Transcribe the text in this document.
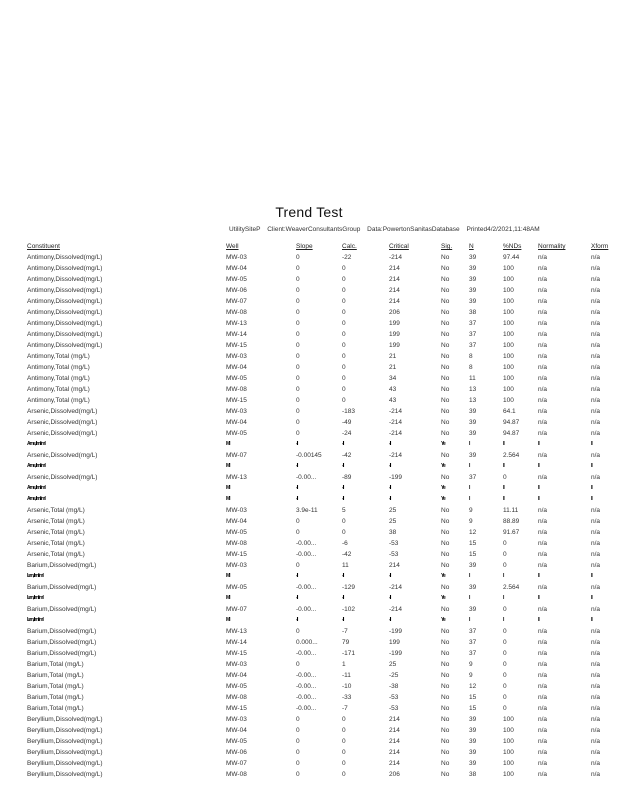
Trend Test
UtilitySiteP Client:WeaverConsultantsGroup Data:PowertonSanitasDatabase Printed4/2/2021,11:48AM
Constituent	Well	Slope	Calc.	Critical	Sig.	N	%NDs	Normality	Xform
Antimony,Dissolved(mg/L)	MW-03	0	-22	-214	No	39	97.44	n/a	n/a
Antimony,Dissolved(mg/L)	MW-04	0	0	214	No	39	100	n/a	n/a
Antimony,Dissolved(mg/L)	MW-05	0	0	214	No	39	100	n/a	n/a
Antimony,Dissolved(mg/L)	MW-06	0	0	214	No	39	100	n/a	n/a
Antimony,Dissolved(mg/L)	MW-07	0	0	214	No	39	100	n/a	n/a
Antimony,Dissolved(mg/L)	MW-08	0	0	206	No	38	100	n/a	n/a
Antimony,Dissolved(mg/L)	MW-13	0	0	199	No	37	100	n/a	n/a
Antimony,Dissolved(mg/L)	MW-14	0	0	199	No	37	100	n/a	n/a
Antimony,Dissolved(mg/L)	MW-15	0	0	199	No	37	100	n/a	n/a
Antimony,Total (mg/L)	MW-03	0	0	21	No	8	100	n/a	n/a
Antimony,Total (mg/L)	MW-04	0	0	21	No	8	100	n/a	n/a
Antimony,Total (mg/L)	MW-05	0	0	34	No	11	100	n/a	n/a
Antimony,Total (mg/L)	MW-08	0	0	43	No	13	100	n/a	n/a
Antimony,Total (mg/L)	MW-15	0	0	43	No	13	100	n/a	n/a
Arsenic,Dissolved(mg/L)	MW-03	0	-183	-214	No	39	64.1	n/a	n/a
Arsenic,Dissolved(mg/L)	MW-04	0	-49	-214	No	39	94.87	n/a	n/a
Arsenic,Dissolved(mg/L)	MW-05	0	-24	-214	No	39	94.87	n/a	n/a
Ame, limil ml	MI	-II	-II	-II	Ye	I	II	II	II
Arsenic,Dissolved(mg/L)	MW-07	-0.00145	-42	-214	No	39	2.564	n/a	n/a
Ame, limil ml	MI	-II	-II	-II	Ye	I	II	II	II
Arsenic,Dissolved(mg/L)	MW-13	-0.00...	-89	-199	No	37	0	n/a	n/a
Ame, limil ml	MI	-II	-II	-II	Ye	I	II	II	II
Ame, limil ml	MI	-II	-II	-II	Ye	I	II	II	II
Arsenic,Total (mg/L)	MW-03	3.9e-11	5	25	No	9	11.11	n/a	n/a
Arsenic,Total (mg/L)	MW-04	0	0	25	No	9	88.89	n/a	n/a
Arsenic,Total (mg/L)	MW-05	0	0	38	No	12	91.67	n/a	n/a
Arsenic,Total (mg/L)	MW-08	-0.00...	-6	-53	No	15	0	n/a	n/a
Arsenic,Total (mg/L)	MW-15	-0.00...	-42	-53	No	15	0	n/a	n/a
Barium,Dissolved(mg/L)	MW-03	0	11	214	No	39	0	n/a	n/a
Ium, limil ml	MI	-II	-II	-II	Ye	I	I	II	II
Barium,Dissolved(mg/L)	MW-05	-0.00...	-129	-214	No	39	2.564	n/a	n/a
Ium, limil ml	MI	-II	-II	-II	Ye	I	I	II	II
Barium,Dissolved(mg/L)	MW-07	-0.00...	-102	-214	No	39	0	n/a	n/a
Ium, limil ml	MI	-II	-II	-II	Ye	I	I	II	II
Barium,Dissolved(mg/L)	MW-13	0	-7	-199	No	37	0	n/a	n/a
Barium,Dissolved(mg/L)	MW-14	0.000...	79	199	No	37	0	n/a	n/a
Barium,Dissolved(mg/L)	MW-15	-0.00...	-171	-199	No	37	0	n/a	n/a
Barium,Total (mg/L)	MW-03	0	1	25	No	9	0	n/a	n/a
Barium,Total (mg/L)	MW-04	-0.00...	-11	-25	No	9	0	n/a	n/a
Barium,Total (mg/L)	MW-05	-0.00...	-10	-38	No	12	0	n/a	n/a
Barium,Total (mg/L)	MW-08	-0.00...	-33	-53	No	15	0	n/a	n/a
Barium,Total (mg/L)	MW-15	-0.00...	-7	-53	No	15	0	n/a	n/a
Beryllium,Dissolved(mg/L)	MW-03	0	0	214	No	39	100	n/a	n/a
Beryllium,Dissolved(mg/L)	MW-04	0	0	214	No	39	100	n/a	n/a
Beryllium,Dissolved(mg/L)	MW-05	0	0	214	No	39	100	n/a	n/a
Beryllium,Dissolved(mg/L)	MW-06	0	0	214	No	39	100	n/a	n/a
Beryllium,Dissolved(mg/L)	MW-07	0	0	214	No	39	100	n/a	n/a
Beryllium,Dissolved(mg/L)	MW-08	0	0	206	No	38	100	n/a	n/a
